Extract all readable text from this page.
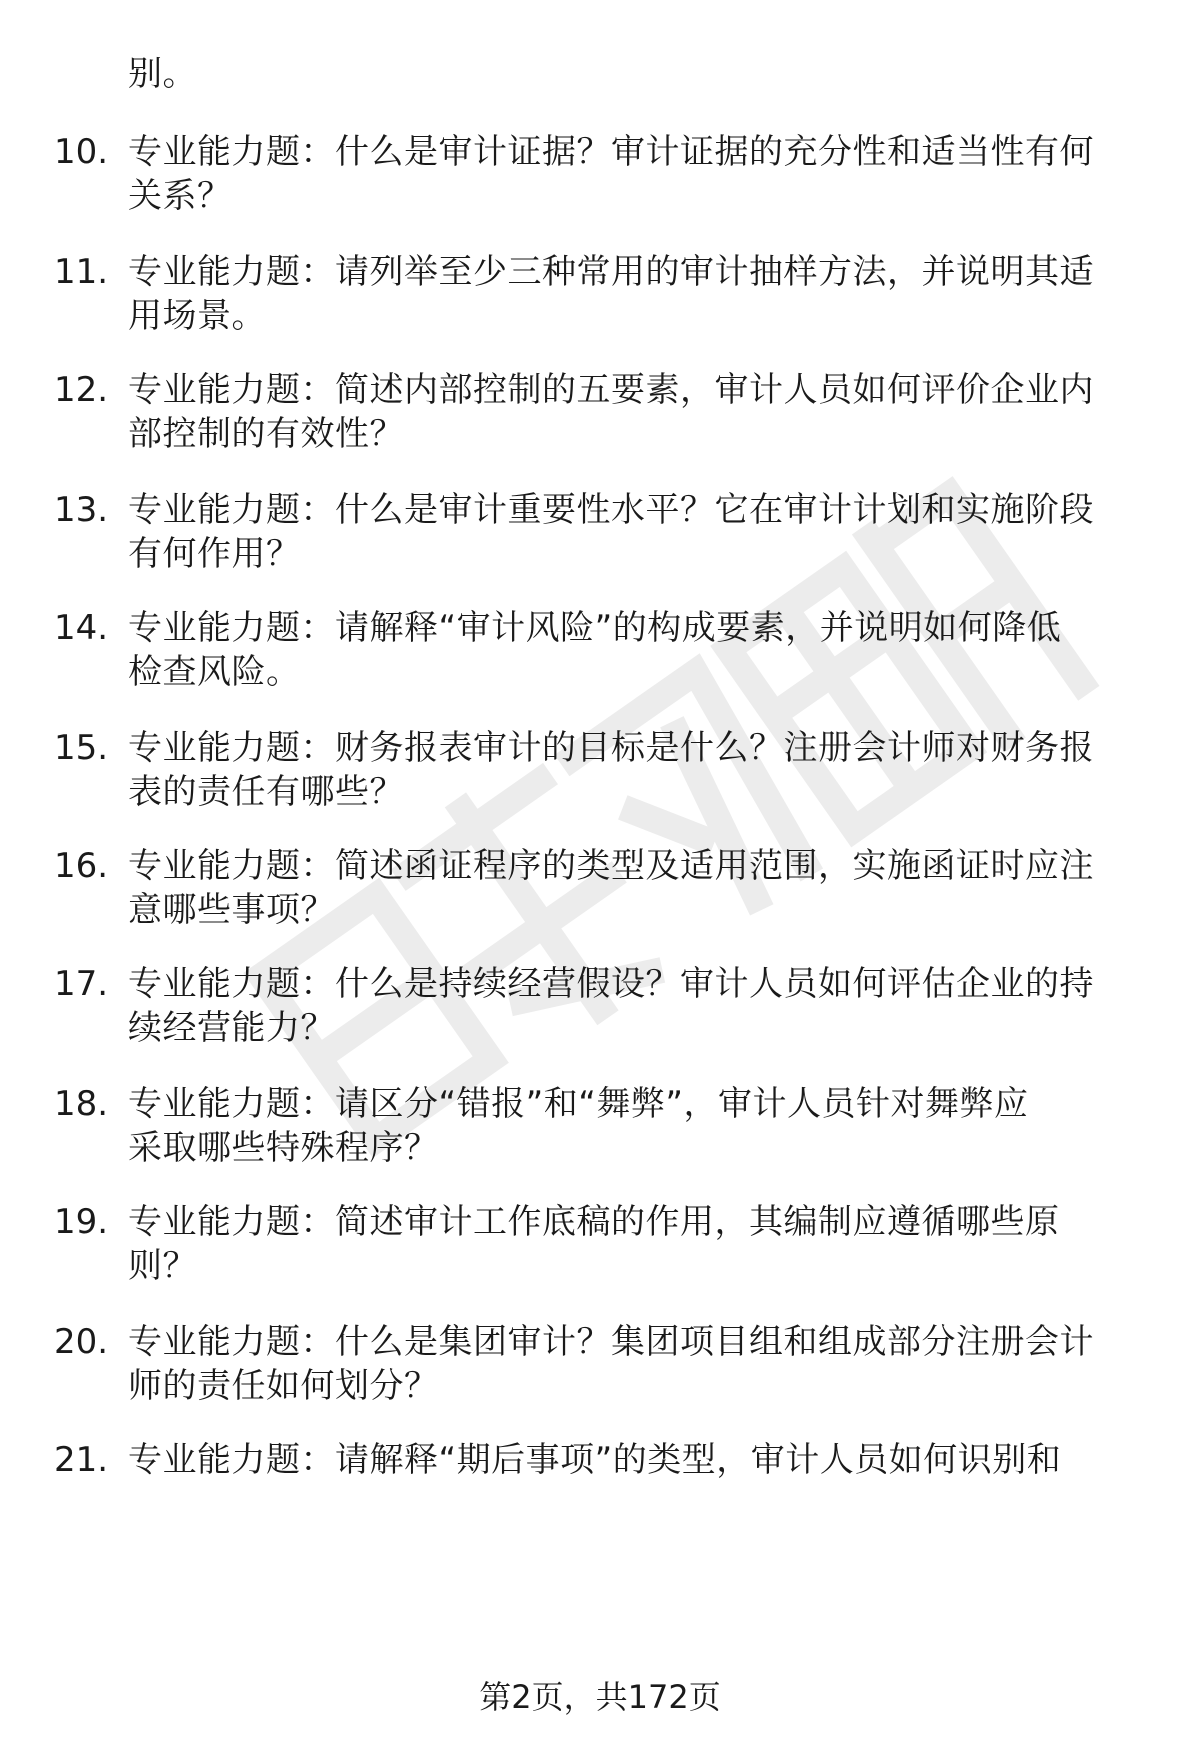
别。
10. 专业能力题：什么是审计证据？审计证据的充分性和适当性有何
关系？
11. 专业能力题：请列举至少三种常用的审计抽样方法，并说明其适
用场景。
12. 专业能力题：简述内部控制的五要素，审计人员如何评价企业内
部控制的有效性？
13. 专业能力题：什么是审计重要性水平？它在审计计划和实施阶段
有何作用？
14. 专业能力题：请解释“审计风险”的构成要素，并说明如何降低
检查风险。
15. 专业能力题：财务报表审计的目标是什么？注册会计师对财务报
表的责任有哪些？
16. 专业能力题：简述函证程序的类型及适用范围，实施函证时应注
意哪些事项？
17. 专业能力题：什么是持续经营假设？审计人员如何评估企业的持
续经营能力？
18. 专业能力题：请区分“错报”和“舞弊”，审计人员针对舞弊应
采取哪些特殊程序？
19. 专业能力题：简述审计工作底稿的作用，其编制应遵循哪些原
则？
20. 专业能力题：什么是集团审计？集团项目组和组成部分注册会计
师的责任如何划分？
21. 专业能力题：请解释“期后事项”的类型，审计人员如何识别和
第2页，共172页
